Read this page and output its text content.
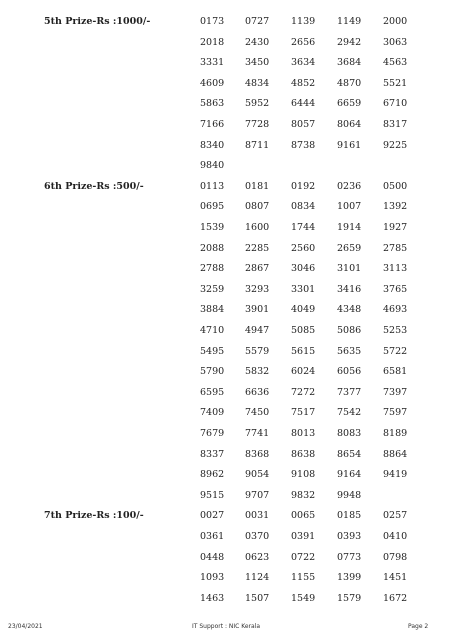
5th Prize-Rs :1000/-	0173 0727 1139 1149 2000
2018 2430 2656 2942 3063
3331 3450 3634 3684 4563
4609 4834 4852 4870 5521
5863 5952 6444 6659 6710
7166 7728 8057 8064 8317
8340 8711 8738 9161 9225
9840
6th Prize-Rs :500/-	0113 0181 0192 0236 0500
0695 0807 0834 1007 1392
1539 1600 1744 1914 1927
2088 2285 2560 2659 2785
2788 2867 3046 3101 3113
3259 3293 3301 3416 3765
3884 3901 4049 4348 4693
4710 4947 5085 5086 5253
5495 5579 5615 5635 5722
5790 5832 6024 6056 6581
6595 6636 7272 7377 7397
7409 7450 7517 7542 7597
7679 7741 8013 8083 8189
8337 8368 8638 8654 8864
8962 9054 9108 9164 9419
9515 9707 9832 9948
7th Prize-Rs :100/-	0027 0031 0065 0185 0257
0361 0370 0391 0393 0410
0448 0623 0722 0773 0798
1093 1124 1155 1399 1451
1463 1507 1549 1579 1672
23/04/2021	IT Support : NIC Kerala	Page 2
